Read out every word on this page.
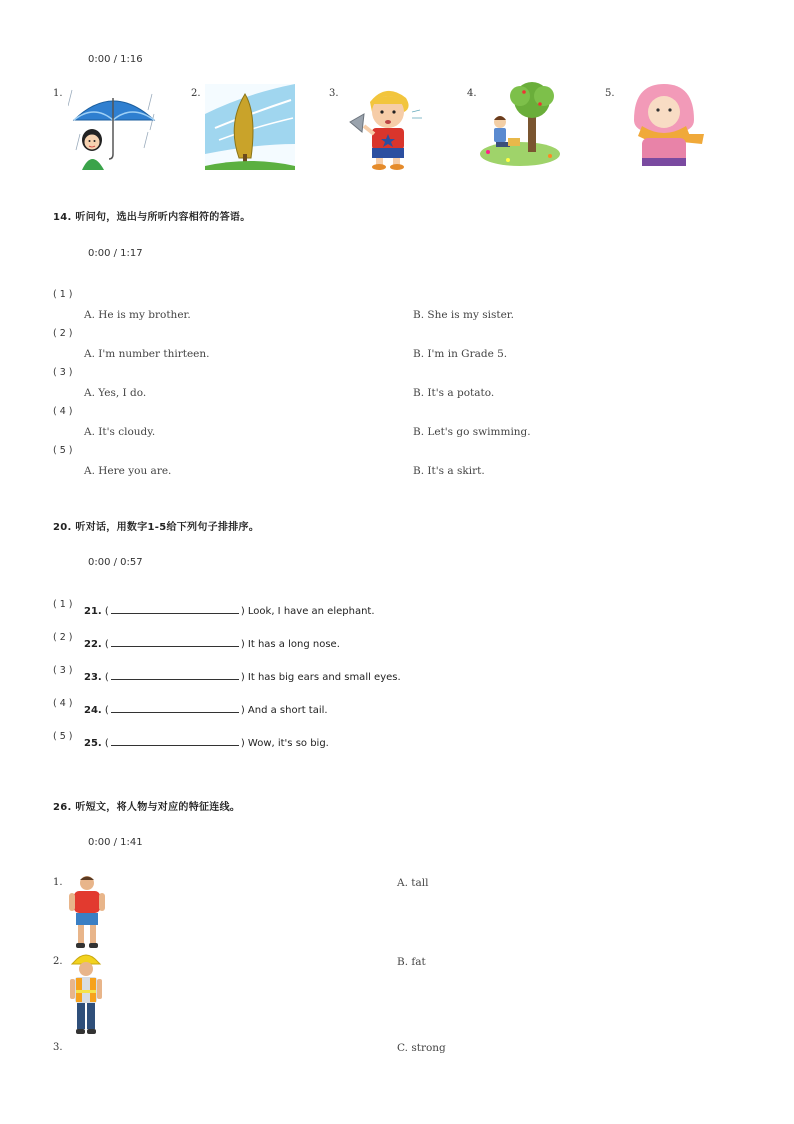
0:00 / 1:16
1.	2.	3.	4.	5.
14. 听问句，选出与所听内容相符的答语。
0:00 / 1:17
( 1 )
A. He is my brother.	B. She is my sister.
( 2 )
A. I'm number thirteen.	B. I'm in Grade 5.
( 3 )
A. Yes, I do.	B. It's a potato.
( 4 )
A. It's cloudy.	B. Let's go swimming.
( 5 )
A. Here you are.	B. It's a skirt.
20. 听对话，用数字1-5给下列句子排排序。
0:00 / 0:57
( 1 )
21. (	) Look, I have an elephant.
( 2 )
22. (	) It has a long nose.
( 3 )
23. (	) It has big ears and small eyes.
( 4 )
24. (	) And a short tail.
( 5 )
25. (	) Wow, it's so big.
26. 听短文，将人物与对应的特征连线。
0:00 / 1:41
1.	A. tall
2.	B. fat
3.	C. strong
